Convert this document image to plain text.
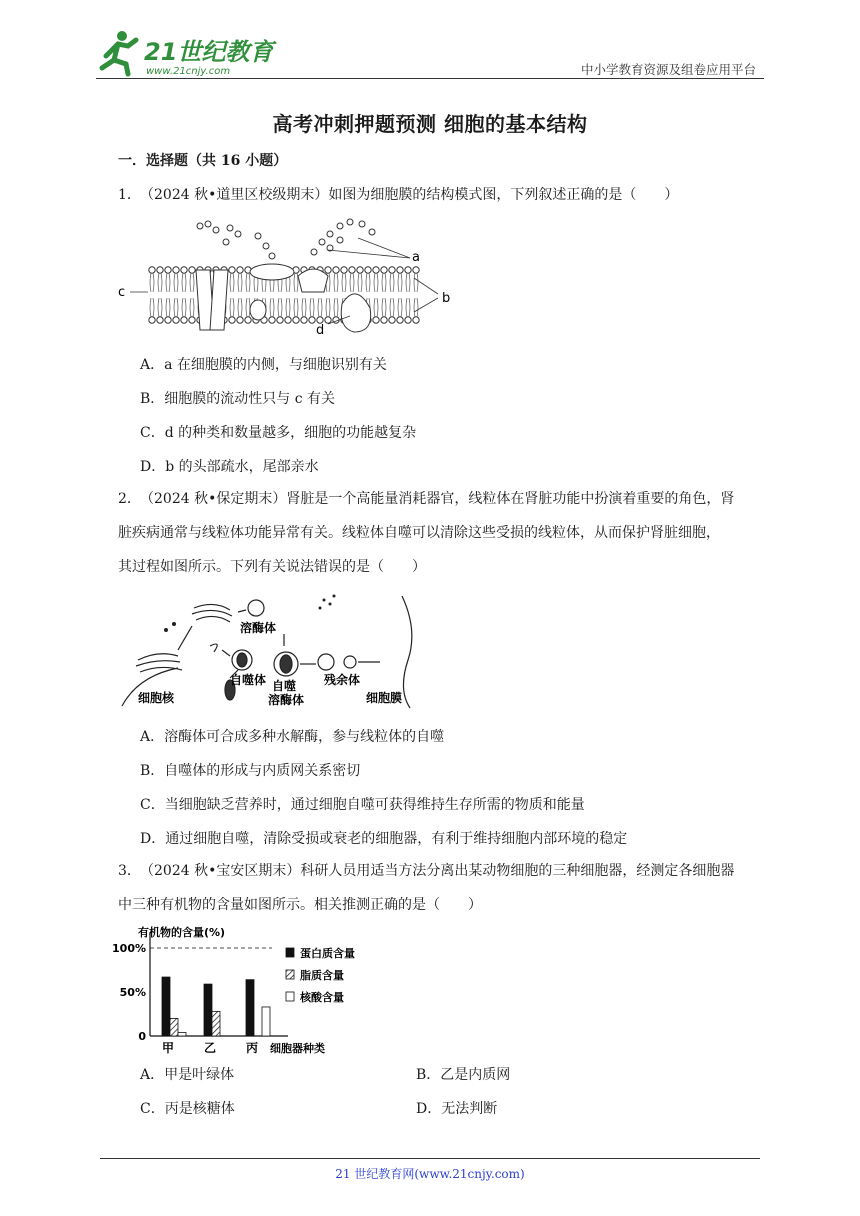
21世纪教育
www.21cnjy.com	中小学教育资源及组卷应用平台
高考冲刺押题预测 细胞的基本结构
一．选择题（共 16 小题）
1．（2024 秋•道里区校级期末）如图为细胞膜的结构模式图，下列叙述正确的是（　　）
a
b
c
d
A．a 在细胞膜的内侧，与细胞识别有关
B．细胞膜的流动性只与 c 有关
C．d 的种类和数量越多，细胞的功能越复杂
D．b 的头部疏水，尾部亲水
2．（2024 秋•保定期末）肾脏是一个高能量消耗器官，线粒体在肾脏功能中扮演着重要的角色，肾
脏疾病通常与线粒体功能异常有关。线粒体自噬可以清除这些受损的线粒体，从而保护肾脏细胞，
其过程如图所示。下列有关说法错误的是（　　）
溶酶体
自噬
溶酶体
残余体
自噬体
细胞核	细胞膜
A．溶酶体可合成多种水解酶，参与线粒体的自噬
B．自噬体的形成与内质网关系密切
C．当细胞缺乏营养时，通过细胞自噬可获得维持生存所需的物质和能量
D．通过细胞自噬，清除受损或衰老的细胞器，有利于维持细胞内部环境的稳定
3．（2024 秋•宝安区期末）科研人员用适当方法分离出某动物细胞的三种细胞器，经测定各细胞器
中三种有机物的含量如图所示。相关推测正确的是（　　）
有机物的含量(%)
0
50%
100%
甲 乙 丙 细胞器种类
蛋白质含量
脂质含量
核酸含量
A．甲是叶绿体	B．乙是内质网
C．丙是核糖体	D．无法判断
21 世纪教育网(www.21cnjy.com)
